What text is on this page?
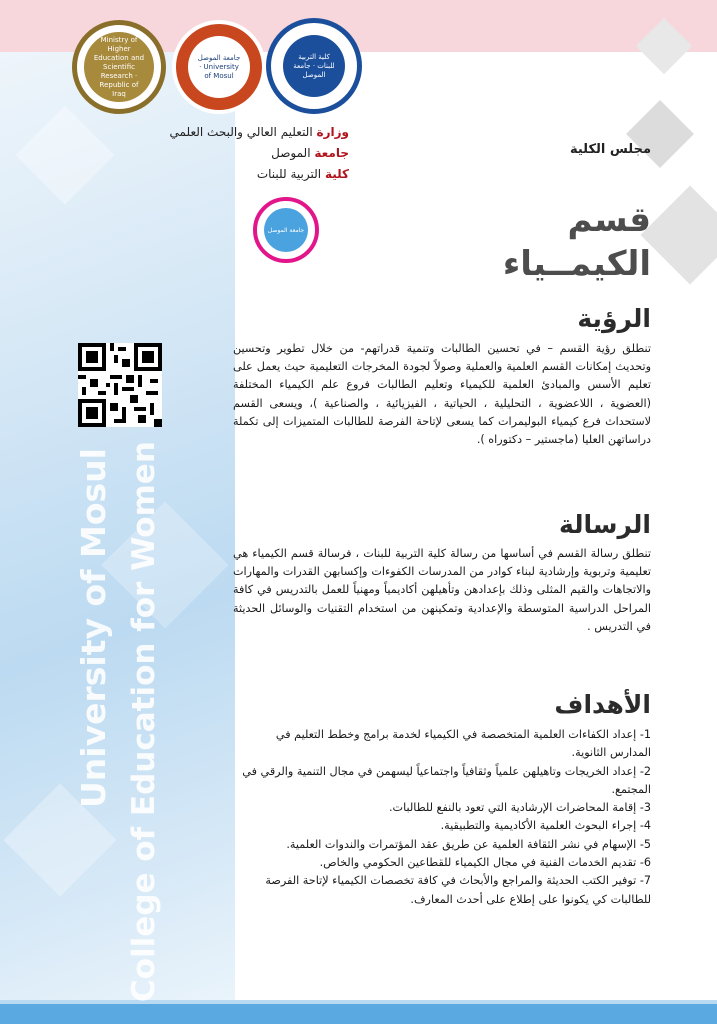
Ministry of Higher Education and Scientific Research · Republic of Iraq
جامعة الموصل · University of Mosul
كلية التربية للبنات · جامعة الموصل
وزارة التعليم العالي والبحث العلمي
جامعة الموصل
كلية التربية للبنات
مجلس الكلية
جامعة الموصل	قسم
الكيمــياء
University of Mosul College of Education for Women
الرؤية
تنطلق رؤية القسم – في تحسين الطالبات وتنمية قدراتهم- من خلال تطوير وتحسين وتحديث إمكانات القسم العلمية والعملية وصولاً لجودة المخرجات التعليمية حيث يعمل على تعليم الأسس والمبادئ العلمية للكيمياء وتعليم الطالبات فروع علم الكيمياء المختلفة (العضوية ، اللاعضوية ، التحليلية ، الحياتية ، الفيزيائية ، والصناعية )، ويسعى القسم لاستحداث فرع كيمياء البوليمرات كما يسعى لإتاحة الفرصة للطالبات المتميزات إلى تكملة دراساتهن العليا (ماجستير – دكتوراه ).
الرسالة
تنطلق رسالة القسم في أساسها من رسالة كلية التربية للبنات ، فرسالة قسم الكيمياء هي تعليمية وتربوية وإرشادية لبناء كوادر من المدرسات الكفوءات وإكسابهن القدرات والمهارات والاتجاهات والقيم المثلى وذلك بإعدادهن وتأهيلهن أكاديمياً ومهنياً للعمل بالتدريس في كافة المراحل الدراسية المتوسطة والإعدادية وتمكينهن من استخدام التقنيات والوسائل الحديثة في التدريس .
الأهداف
1- إعداد الكفاءات العلمية المتخصصة في الكيمياء لخدمة برامج وخطط التعليم في المدارس الثانوية.
2- إعداد الخريجات وتاهيلهن علمياً وثقافياً واجتماعياً ليسهمن في مجال التنمية والرقي في المجتمع.
3- إقامة المحاضرات الإرشادية التي تعود بالنفع للطالبات.
4- إجراء البحوث العلمية الأكاديمية والتطبيقية.
5- الإسهام في نشر الثقافة العلمية عن طريق عقد المؤتمرات والندوات العلمية.
6- تقديم الخدمات الفنية في مجال الكيمياء للقطاعين الحكومي والخاص.
7- توفير الكتب الحديثة والمراجع والأبحاث في كافة تخصصات الكيمياء لإتاحة الفرصة للطالبات كي يكونوا على إطلاع على أحدث المعارف.
